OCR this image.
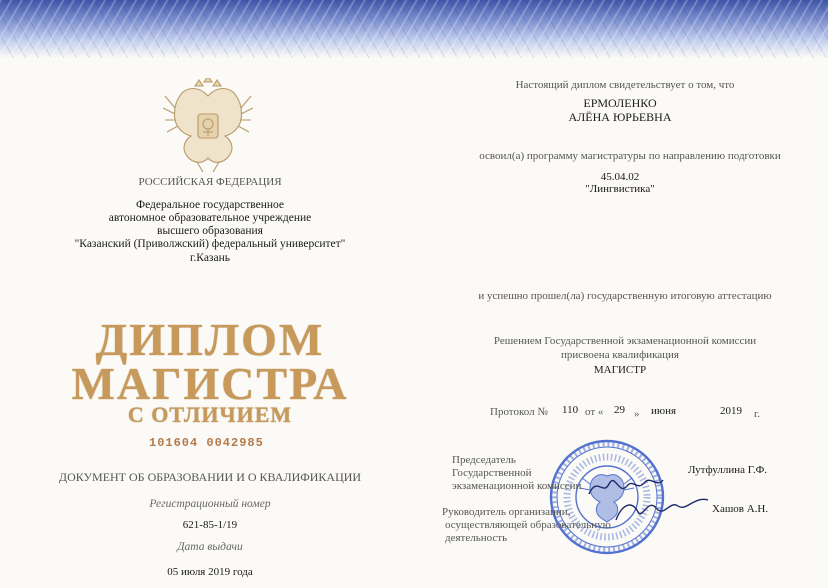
РОССИЙСКАЯ ФЕДЕРАЦИЯ
Федеральное государственное
автономное образовательное учреждение
высшего образования
"Казанский (Приволжский) федеральный университет"
г.Казань
ДИПЛОМ
МАГИСТРА
С ОТЛИЧИЕМ
101604 0042985
ДОКУМЕНТ ОБ ОБРАЗОВАНИИ И О КВАЛИФИКАЦИИ
Регистрационный номер
621-85-1/19
Дата выдачи
05 июля 2019 года
Настоящий диплом свидетельствует о том, что
ЕРМОЛЕНКО
АЛЁНА ЮРЬЕВНА
освоил(а) программу магистратуры по направлению подготовки
45.04.02
"Лингвистика"
и успешно прошел(ла) государственную итоговую аттестацию
Решением Государственной экзаменационной комиссии
присвоена квалификация
МАГИСТР
Протокол № 110 от « 29 » июня	2019 г.
Председатель
Государственной
экзаменационной комиссии
Лутфуллина Г.Ф.
Руководитель организации,
осуществляющей образовательную
деятельность
Хашов А.Н.
